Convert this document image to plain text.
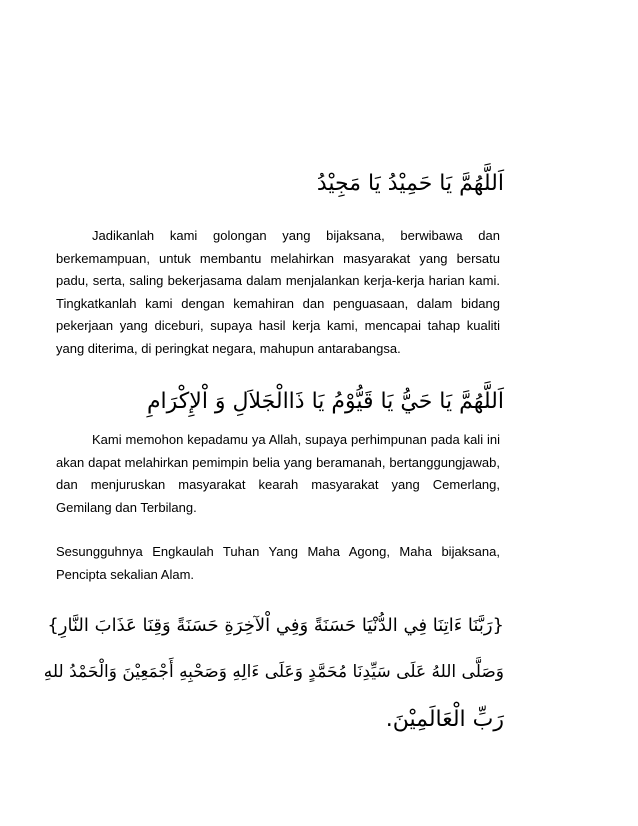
اَللَّهُمَّ يَا حَمِيْدُ يَا مَجِيْدُ

Jadikanlah kami golongan yang bijaksana, berwibawa dan berkemampuan, untuk membantu melahirkan masyarakat yang bersatu padu, serta, saling bekerjasama dalam menjalankan kerja-kerja harian kami. Tingkatkanlah kami dengan kemahiran dan penguasaan, dalam bidang pekerjaan yang diceburi, supaya hasil kerja kami, mencapai tahap kualiti yang diterima, di peringkat negara, mahupun antarabangsa.

اَللَّهُمَّ يَا حَيُّ يَا قَيُّوْمُ يَا ذَاالْجَلاَلِ وَ اْلإِكْرَامِ

Kami memohon kepadamu ya Allah, supaya perhimpunan pada kali ini akan dapat melahirkan pemimpin belia yang beramanah, bertanggungjawab, dan menjuruskan masyarakat kearah masyarakat yang Cemerlang, Gemilang dan Terbilang.

Sesungguhnya Engkaulah Tuhan Yang Maha Agong, Maha bijaksana, Pencipta sekalian Alam.

{رَبَّنَا ءَاتِنَا فِي الدُّنْيَا حَسَنَةً وَفِي اْلآخِرَةِ حَسَنَةً وَقِنَا عَذَابَ النَّارِ}
وَصَلَّى اللهُ عَلَى سَيِّدِنَا مُحَمَّدٍ وَعَلَى ءَالِهِ وَصَحْبِهِ أَجْمَعِيْنَ وَالْحَمْدُ للهِ
رَبِّ الْعَالَمِيْنَ.
